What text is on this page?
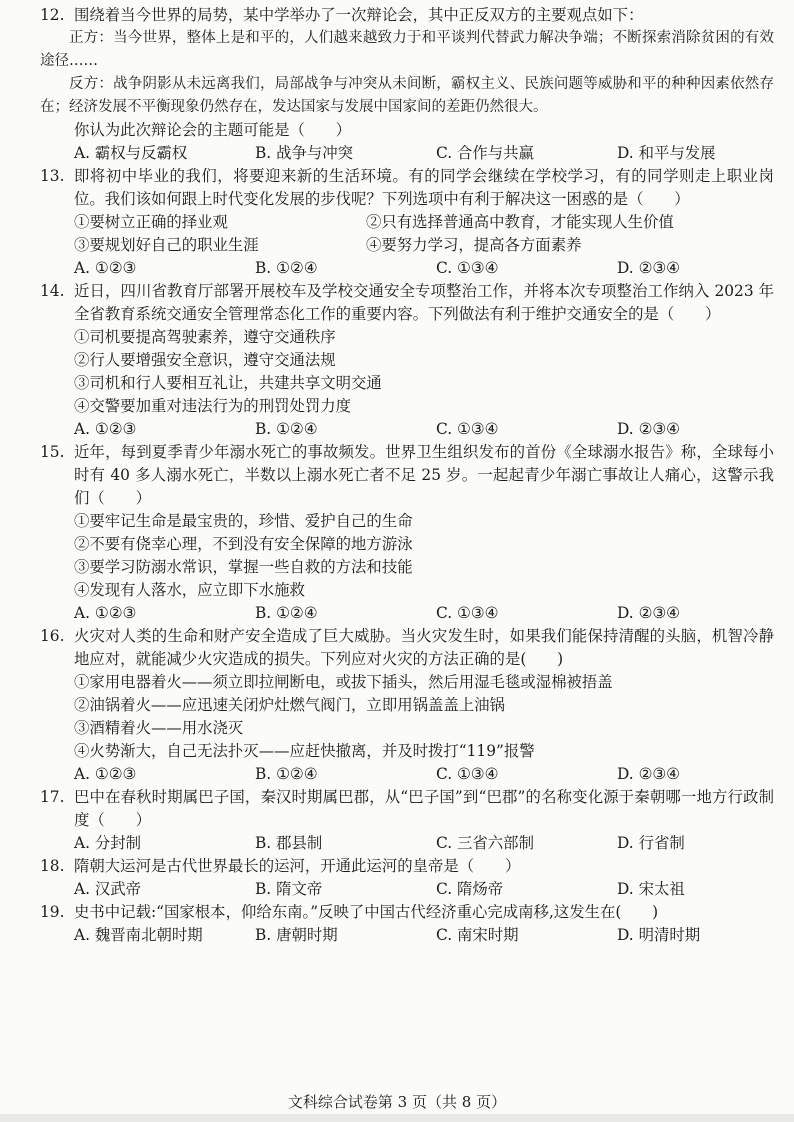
12. 围绕着当今世界的局势，某中学举办了一次辩论会，其中正反双方的主要观点如下：
正方：当今世界，整体上是和平的，人们越来越致力于和平谈判代替武力解决争端；不断探索消除贫困的有效途径……
反方：战争阴影从未远离我们，局部战争与冲突从未间断，霸权主义、民族问题等威胁和平的种种因素依然存在；经济发展不平衡现象仍然存在，发达国家与发展中国家间的差距仍然很大。
你认为此次辩论会的主题可能是（　　）
A. 霸权与反霸权	B. 战争与冲突	C. 合作与共赢	D. 和平与发展
13. 即将初中毕业的我们，将要迎来新的生活环境。有的同学会继续在学校学习，有的同学则走上职业岗位。我们该如何跟上时代变化发展的步伐呢？下列选项中有利于解决这一困惑的是（　　）
①要树立正确的择业观	②只有选择普通高中教育，才能实现人生价值
③要规划好自己的职业生涯	④要努力学习，提高各方面素养
A. ①②③	B. ①②④	C. ①③④	D. ②③④
14. 近日，四川省教育厅部署开展校车及学校交通安全专项整治工作，并将本次专项整治工作纳入 2023 年全省教育系统交通安全管理常态化工作的重要内容。下列做法有利于维护交通安全的是（　　）
①司机要提高驾驶素养，遵守交通秩序
②行人要增强安全意识，遵守交通法规
③司机和行人要相互礼让，共建共享文明交通
④交警要加重对违法行为的刑罚处罚力度
A. ①②③	B. ①②④	C. ①③④	D. ②③④
15. 近年，每到夏季青少年溺水死亡的事故频发。世界卫生组织发布的首份《全球溺水报告》称，全球每小时有 40 多人溺水死亡，半数以上溺水死亡者不足 25 岁。一起起青少年溺亡事故让人痛心，这警示我们（　　）
①要牢记生命是最宝贵的，珍惜、爱护自己的生命
②不要有侥幸心理，不到没有安全保障的地方游泳
③要学习防溺水常识，掌握一些自救的方法和技能
④发现有人落水，应立即下水施救
A. ①②③	B. ①②④	C. ①③④	D. ②③④
16. 火灾对人类的生命和财产安全造成了巨大威胁。当火灾发生时，如果我们能保持清醒的头脑，机智冷静地应对，就能减少火灾造成的损失。下列应对火灾的方法正确的是(　　)
①家用电器着火——须立即拉闸断电，或拔下插头，然后用湿毛毯或湿棉被捂盖
②油锅着火——应迅速关闭炉灶燃气阀门，立即用锅盖盖上油锅
③酒精着火——用水浇灭
④火势渐大，自己无法扑灭——应赶快撤离，并及时拨打“119”报警
A. ①②③	B. ①②④	C. ①③④	D. ②③④
17. 巴中在春秋时期属巴子国，秦汉时期属巴郡，从“巴子国”到“巴郡”的名称变化源于秦朝哪一地方行政制度（　　）
A. 分封制	B. 郡县制	C. 三省六部制	D. 行省制
18. 隋朝大运河是古代世界最长的运河，开通此运河的皇帝是（　　）
A. 汉武帝	B. 隋文帝	C. 隋炀帝	D. 宋太祖
19. 史书中记载:“国家根本，仰给东南。”反映了中国古代经济重心完成南移,这发生在(　　)
A. 魏晋南北朝时期	B. 唐朝时期	C. 南宋时期	D. 明清时期
文科综合试卷第 3 页（共 8 页）
